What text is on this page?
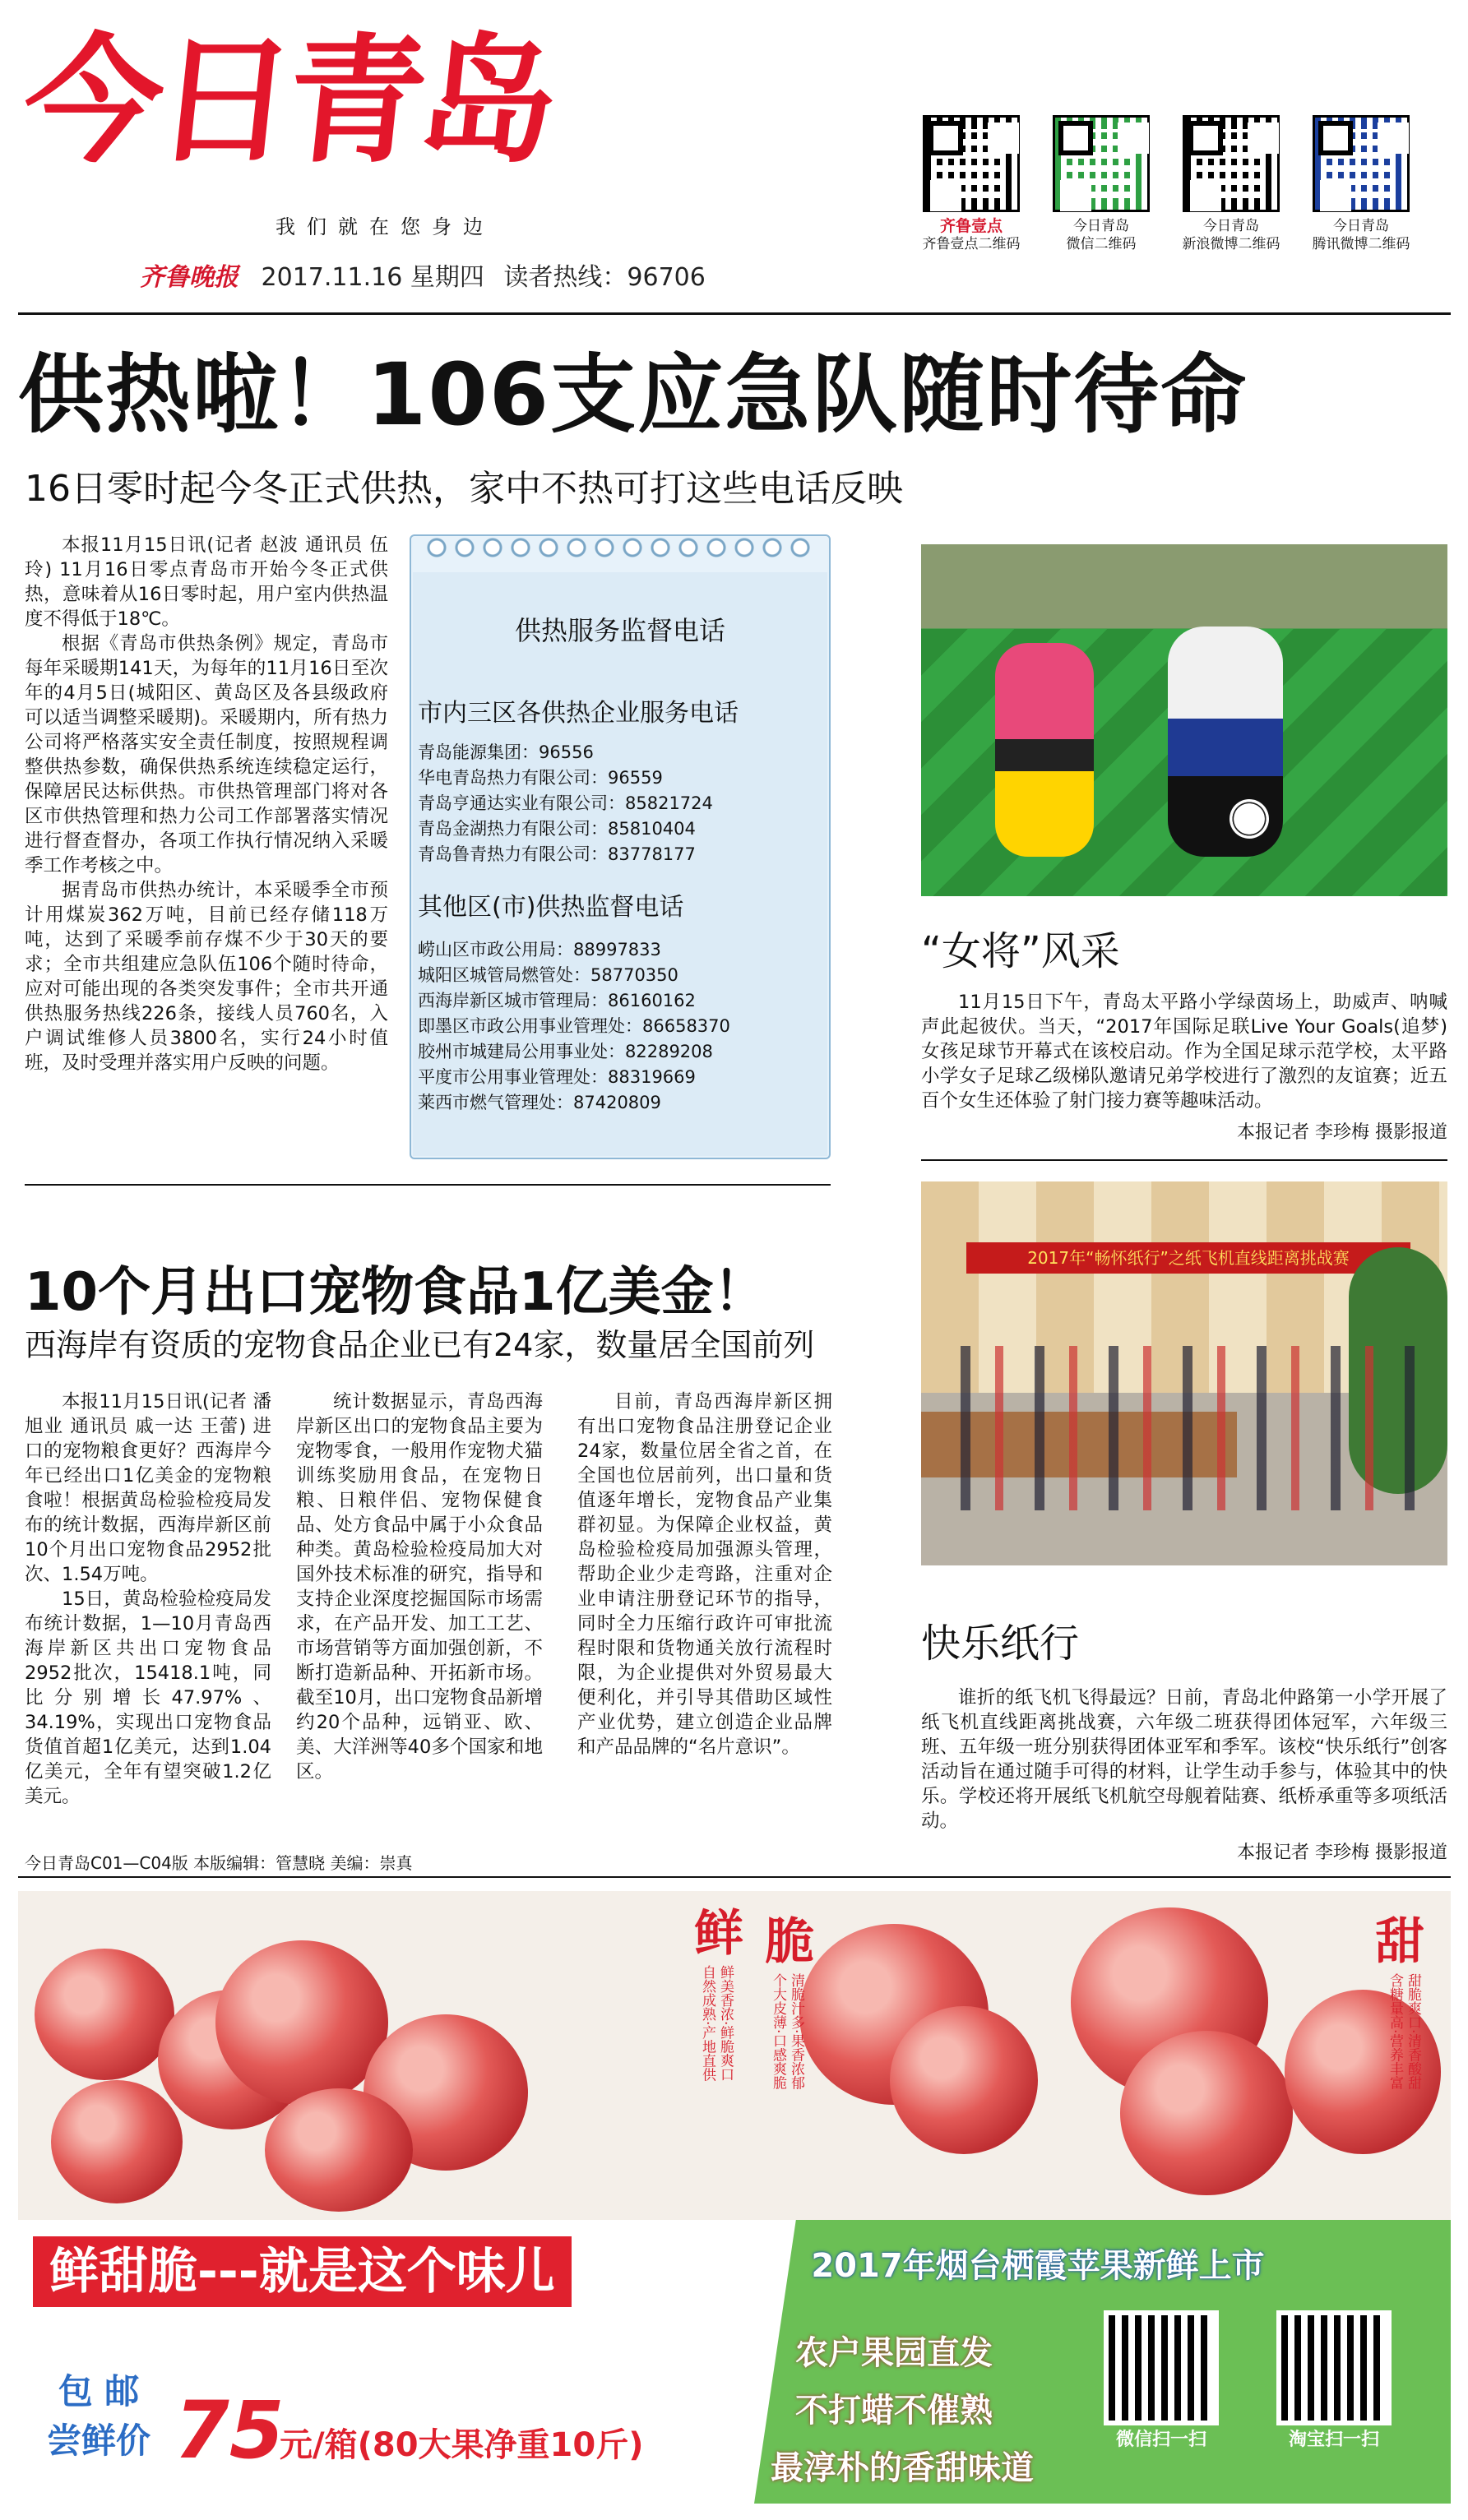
今日青岛
我们就在您身边
齐鲁晚报 2017.11.16 星期四 读者热线：96706
齐鲁壹点
齐鲁壹点二维码
今日青岛
微信二维码
今日青岛
新浪微博二维码
今日青岛
腾讯微博二维码
供热啦！106支应急队随时待命
16日零时起今冬正式供热，家中不热可打这些电话反映

本报11月15日讯(记者 赵波 通讯员 伍玲) 11月16日零点青岛市开始今冬正式供热，意味着从16日零时起，用户室内供热温度不得低于18℃。

根据《青岛市供热条例》规定，青岛市每年采暖期141天，为每年的11月16日至次年的4月5日(城阳区、黄岛区及各县级政府可以适当调整采暖期)。采暖期内，所有热力公司将严格落实安全责任制度，按照规程调整供热参数，确保供热系统连续稳定运行，保障居民达标供热。市供热管理部门将对各区市供热管理和热力公司工作部署落实情况进行督查督办，各项工作执行情况纳入采暖季工作考核之中。

据青岛市供热办统计，本采暖季全市预计用煤炭362万吨，目前已经存储118万吨，达到了采暖季前存煤不少于30天的要求；全市共组建应急队伍106个随时待命，应对可能出现的各类突发事件；全市共开通供热服务热线226条，接线人员760名，入户调试维修人员3800名，实行24小时值班，及时受理并落实用户反映的问题。

供热服务监督电话
市内三区各供热企业服务电话
青岛能源集团：96556
华电青岛热力有限公司：96559
青岛亨通达实业有限公司：85821724
青岛金湖热力有限公司：85810404
青岛鲁青热力有限公司：83778177
其他区(市)供热监督电话
崂山区市政公用局：88997833
城阳区城管局燃管处：58770350
西海岸新区城市管理局：86160162
即墨区市政公用事业管理处：86658370
胶州市城建局公用事业处：82289208
平度市公用事业管理处：88319669
莱西市燃气管理处：87420809
“女将”风采

11月15日下午，青岛太平路小学绿茵场上，助威声、呐喊声此起彼伏。当天，“2017年国际足联Live Your Goals(追梦)女孩足球节开幕式在该校启动。作为全国足球示范学校，太平路小学女子足球乙级梯队邀请兄弟学校进行了激烈的友谊赛；近五百个女生还体验了射门接力赛等趣味活动。

本报记者 李珍梅 摄影报道
2017年“畅怀纸行”之纸飞机直线距离挑战赛
快乐纸行

谁折的纸飞机飞得最远？日前，青岛北仲路第一小学开展了纸飞机直线距离挑战赛，六年级二班获得团体冠军，六年级三班、五年级一班分别获得团体亚军和季军。该校“快乐纸行”创客活动旨在通过随手可得的材料，让学生动手参与，体验其中的快乐。学校还将开展纸飞机航空母舰着陆赛、纸桥承重等多项纸活动。

本报记者 李珍梅 摄影报道
10个月出口宠物食品1亿美金！
西海岸有资质的宠物食品企业已有24家，数量居全国前列

本报11月15日讯(记者 潘旭业 通讯员 戚一达 王蕾) 进口的宠物粮食更好？西海岸今年已经出口1亿美金的宠物粮食啦！根据黄岛检验检疫局发布的统计数据，西海岸新区前10个月出口宠物食品2952批次、1.54万吨。

15日，黄岛检验检疫局发布统计数据，1—10月青岛西海岸新区共出口宠物食品2952批次，15418.1吨，同比分别增长47.97%、34.19%，实现出口宠物食品货值首超1亿美元，达到1.04亿美元，全年有望突破1.2亿美元。

统计数据显示，青岛西海岸新区出口的宠物食品主要为宠物零食，一般用作宠物犬猫训练奖励用食品，在宠物日粮、日粮伴侣、宠物保健食品、处方食品中属于小众食品种类。黄岛检验检疫局加大对国外技术标准的研究，指导和支持企业深度挖掘国际市场需求，在产品开发、加工工艺、市场营销等方面加强创新，不断打造新品种、开拓新市场。截至10月，出口宠物食品新增约20个品种，远销亚、欧、美、大洋洲等40多个国家和地区。

目前，青岛西海岸新区拥有出口宠物食品注册登记企业24家，数量位居全省之首，在全国也位居前列，出口量和货值逐年增长，宠物食品产业集群初显。为保障企业权益，黄岛检验检疫局加强源头管理，帮助企业少走弯路，注重对企业申请注册登记环节的指导，同时全力压缩行政许可审批流程时限和货物通关放行流程时限，为企业提供对外贸易最大便利化，并引导其借助区域性产业优势，建立创造企业品牌和产品品牌的“名片意识”。

今日青岛C01—C04版 本版编辑：管慧晓 美编：崇真
鲜
鲜美香浓·鲜脆爽口
自然成熟·产地直供
脆
清脆汁多·果香浓郁
个大皮薄·口感爽脆
甜
甜脆爽口·清香酸甜
含糖量高·营养丰富
鲜甜脆---就是这个味儿
包 邮
尝鲜价 75
元/箱(80大果净重10斤)
2017年烟台栖霞苹果新鲜上市
农户果园直发
不打蜡不催熟
最淳朴的香甜味道
微信扫一扫	淘宝扫一扫
